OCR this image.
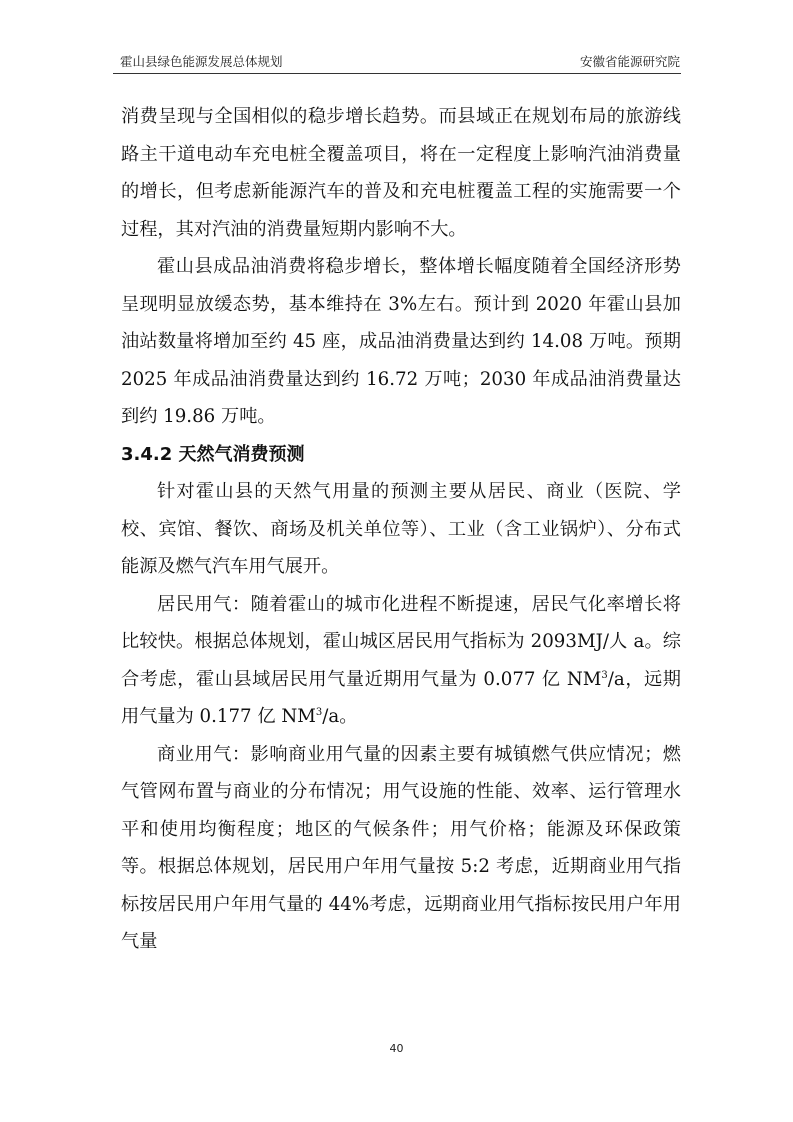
霍山县绿色能源发展总体规划	安徽省能源研究院

消费呈现与全国相似的稳步增长趋势。而县域正在规划布局的旅游线路主干道电动车充电桩全覆盖项目，将在一定程度上影响汽油消费量的增长，但考虑新能源汽车的普及和充电桩覆盖工程的实施需要一个过程，其对汽油的消费量短期内影响不大。

霍山县成品油消费将稳步增长，整体增长幅度随着全国经济形势呈现明显放缓态势，基本维持在 3%左右。预计到 2020 年霍山县加油站数量将增加至约 45 座，成品油消费量达到约 14.08 万吨。预期 2025 年成品油消费量达到约 16.72 万吨；2030 年成品油消费量达到约 19.86 万吨。

3.4.2 天然气消费预测

针对霍山县的天然气用量的预测主要从居民、商业（医院、学校、宾馆、餐饮、商场及机关单位等）、工业（含工业锅炉）、分布式能源及燃气汽车用气展开。

居民用气：随着霍山的城市化进程不断提速，居民气化率增长将比较快。根据总体规划，霍山城区居民用气指标为 2093MJ/人 a。综合考虑，霍山县域居民用气量近期用气量为 0.077 亿 $NM^3/a$，远期用气量为 0.177 亿 $NM^3/a$。

商业用气：影响商业用气量的因素主要有城镇燃气供应情况；燃气管网布置与商业的分布情况；用气设施的性能、效率、运行管理水平和使用均衡程度；地区的气候条件；用气价格；能源及环保政策等。根据总体规划，居民用户年用气量按 5:2 考虑，近期商业用气指标按居民用户年用气量的 44%考虑，远期商业用气指标按民用户年用气量

40
